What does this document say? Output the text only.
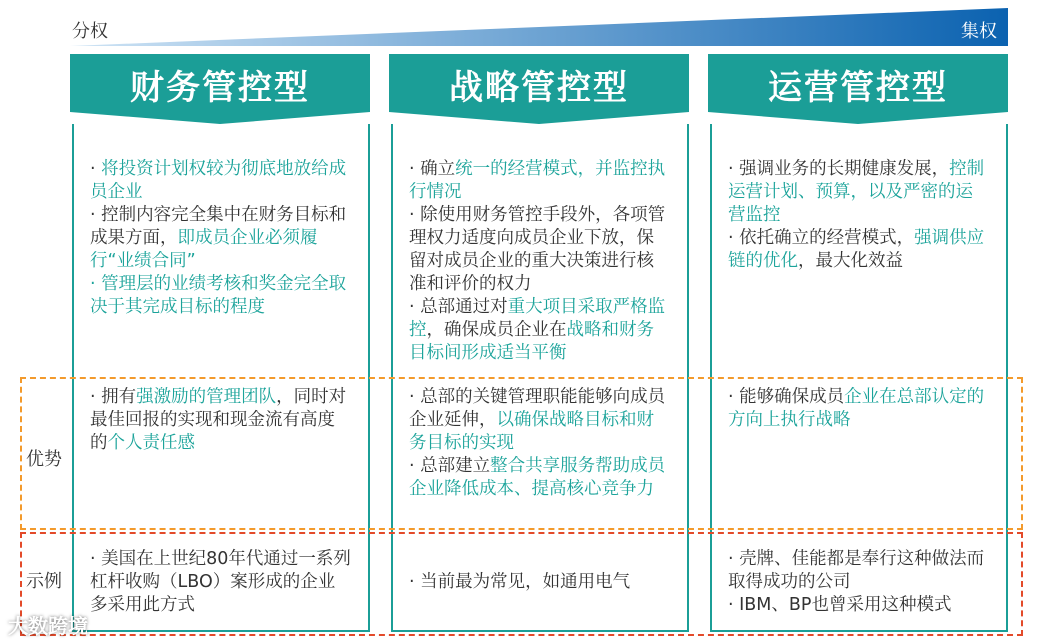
分权	集权
财务管控型
· 将投资计划权较为彻底地放给成员企业
· 控制内容完全集中在财务目标和成果方面，即成员企业必须履行“业绩合同”
· 管理层的业绩考核和奖金完全取决于其完成目标的程度
· 拥有强激励的管理团队，同时对最佳回报的实现和现金流有高度的个人责任感
· 美国在上世纪80年代通过一系列杠杆收购（LBO）案形成的企业多采用此方式
战略管控型
· 确立统一的经营模式，并监控执行情况
· 除使用财务管控手段外，各项管理权力适度向成员企业下放，保留对成员企业的重大决策进行核准和评价的权力
· 总部通过对重大项目采取严格监控，确保成员企业在战略和财务目标间形成适当平衡
· 总部的关键管理职能能够向成员企业延伸，以确保战略目标和财务目标的实现
· 总部建立整合共享服务帮助成员企业降低成本、提高核心竞争力
· 当前最为常见，如通用电气
运营管控型
· 强调业务的长期健康发展，控制运营计划、预算，以及严密的运营监控
· 依托确立的经营模式，强调供应链的优化，最大化效益
· 能够确保成员企业在总部认定的方向上执行战略
· 壳牌、佳能都是奉行这种做法而取得成功的公司
· IBM、BP也曾采用这种模式
优势
示例
大数跨境
